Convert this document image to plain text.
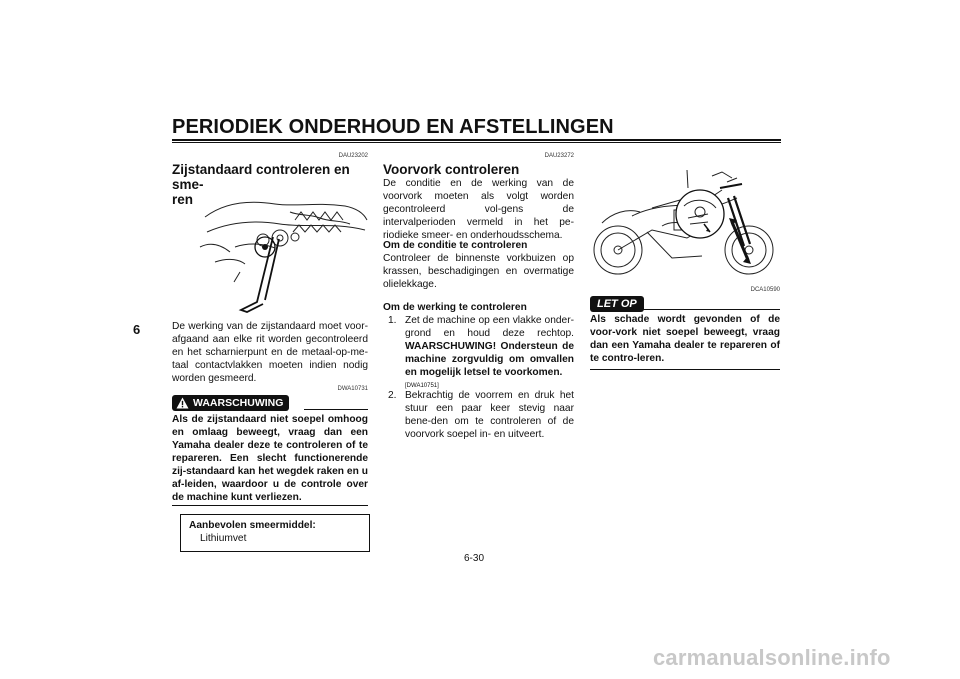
PERIODIEK ONDERHOUD EN AFSTELLINGEN
6
DAU23202
Zijstandaard controleren en sme-
ren
De werking van de zijstandaard moet voor-afgaand aan elke rit worden gecontroleerd en het scharnierpunt en de metaal-op-me-taal contactvlakken moeten indien nodig worden gesmeerd.
DWA10731
WAARSCHUWING
Als de zijstandaard niet soepel omhoog en omlaag beweegt, vraag dan een Yamaha dealer deze te controleren of te repareren. Een slecht functionerende zij-standaard kan het wegdek raken en u af-leiden, waardoor u de controle over de machine kunt verliezen.
Aanbevolen smeermiddel:
Lithiumvet
DAU23272
Voorvork controleren
De conditie en de werking van de voorvork moeten als volgt worden gecontroleerd vol-gens de intervalperioden vermeld in het pe-riodieke smeer- en onderhoudsschema.
Om de conditie te controleren
Controleer de binnenste vorkbuizen op krassen, beschadigingen en overmatige olielekkage.
Om de werking te controleren
1. Zet de machine op een vlakke onder-grond en houd deze rechtop. WAARSCHUWING! Ondersteun de machine zorgvuldig om omvallen en mogelijk letsel te voorkomen.
[DWA10751]
2. Bekrachtig de voorrem en druk het stuur een paar keer stevig naar bene-den om te controleren of de voorvork soepel in- en uitveert.
DCA10590
LET OP
Als schade wordt gevonden of de voor-vork niet soepel beweegt, vraag dan een Yamaha dealer te repareren of te contro-leren.
6-30
carmanualsonline.info
